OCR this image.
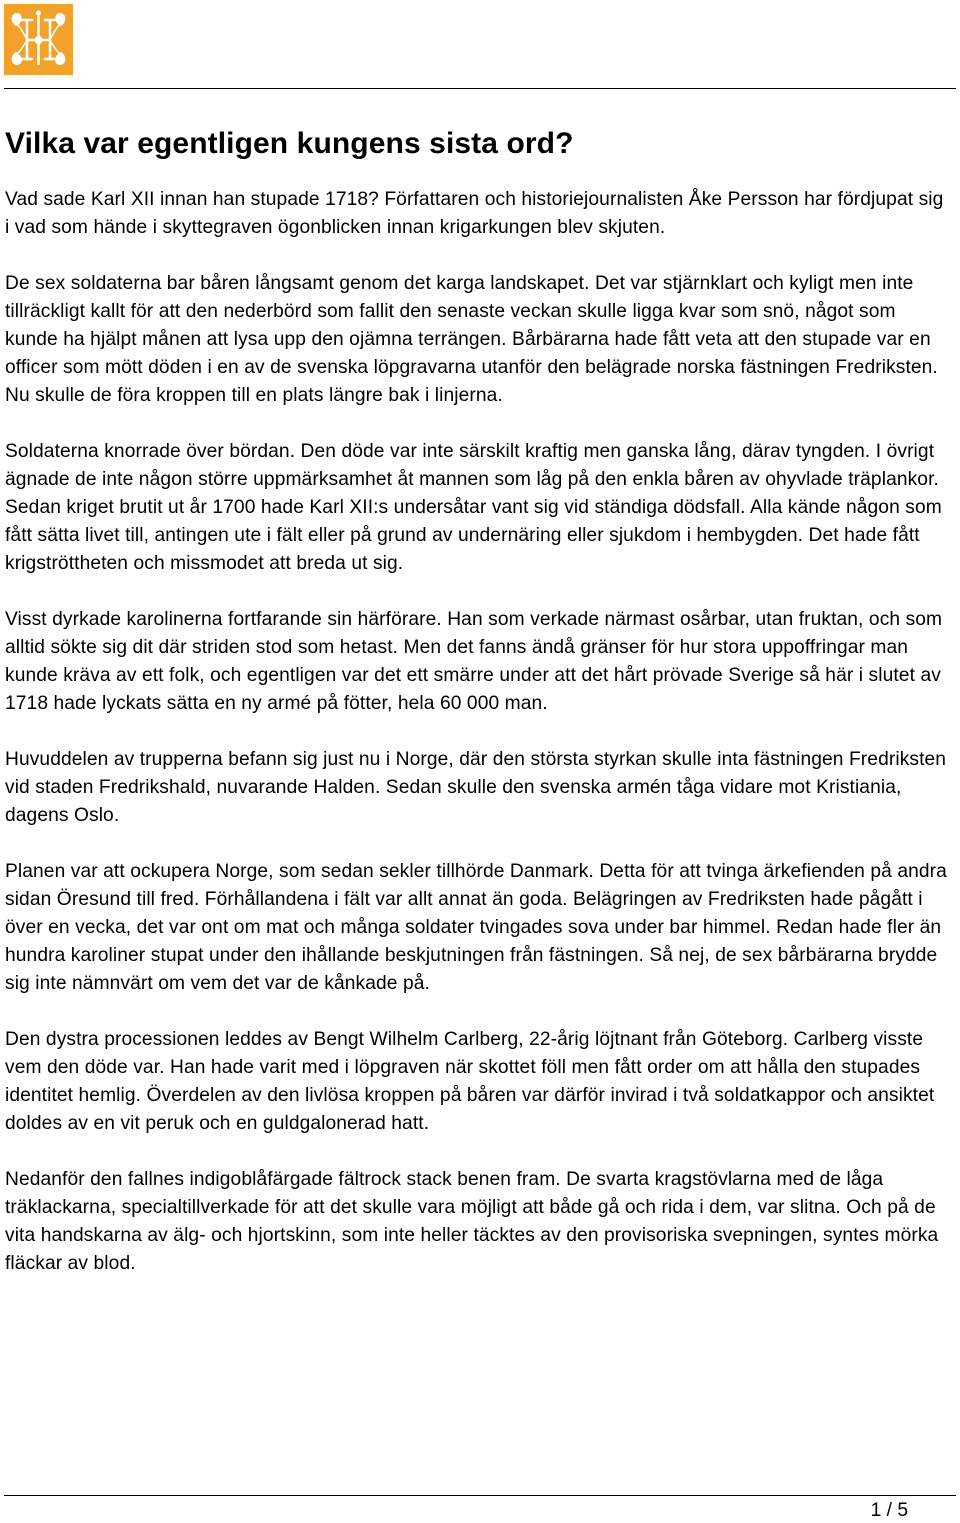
Vilka var egentligen kungens sista ord?

Vad sade Karl XII innan han stupade 1718? Författaren och historiejournalisten Åke Persson har fördjupat sig i vad som hände i skyttegraven ögonblicken innan krigarkungen blev skjuten.

De sex soldaterna bar båren långsamt genom det karga landskapet. Det var stjärnklart och kyligt men inte tillräckligt kallt för att den nederbörd som fallit den senaste veckan skulle ligga kvar som snö, något som kunde ha hjälpt månen att lysa upp den ojämna terrängen. Bårbärarna hade fått veta att den stupade var en officer som mött döden i en av de svenska löpgravarna utanför den belägrade norska fästningen Fredriksten. Nu skulle de föra kroppen till en plats längre bak i linjerna.

Soldaterna knorrade över bördan. Den döde var inte särskilt kraftig men ganska lång, därav tyngden. I övrigt ägnade de inte någon större uppmärksamhet åt mannen som låg på den enkla båren av ohyvlade träplankor. Sedan kriget brutit ut år 1700 hade Karl XII:s undersåtar vant sig vid ständiga dödsfall. Alla kände någon som fått sätta livet till, antingen ute i fält eller på grund av undernäring eller sjukdom i hembygden. Det hade fått krigströttheten och missmodet att breda ut sig.

Visst dyrkade karolinerna fortfarande sin härförare. Han som verkade närmast osårbar, utan fruktan, och som alltid sökte sig dit där striden stod som hetast. Men det fanns ändå gränser för hur stora uppoffringar man kunde kräva av ett folk, och egentligen var det ett smärre under att det hårt prövade Sverige så här i slutet av 1718 hade lyckats sätta en ny armé på fötter, hela 60 000 man.

Huvuddelen av trupperna befann sig just nu i Norge, där den största styrkan skulle inta fästningen Fredriksten vid staden Fredrikshald, nuvarande Halden. Sedan skulle den svenska armén tåga vidare mot Kristiania, dagens Oslo.

Planen var att ockupera Norge, som sedan sekler tillhörde Danmark. Detta för att tvinga ärkefienden på andra sidan Öresund till fred. Förhållandena i fält var allt annat än goda. Belägringen av Fredriksten hade pågått i över en vecka, det var ont om mat och många soldater tvingades sova under bar himmel. Redan hade fler än hundra karoliner stupat under den ihållande beskjutningen från fästningen. Så nej, de sex bårbärarna brydde sig inte nämnvärt om vem det var de kånkade på.

Den dystra processionen leddes av Bengt Wilhelm Carlberg, 22-årig löjtnant från Göteborg. Carlberg visste vem den döde var. Han hade varit med i löpgraven när skottet föll men fått order om att hålla den stupades identitet hemlig. Överdelen av den livlösa kroppen på båren var därför invirad i två soldatkappor och ansiktet doldes av en vit peruk och en guldgalonerad hatt.

Nedanför den fallnes indigoblåfärgade fältrock stack benen fram. De svarta kragstövlarna med de låga träklackarna, specialtillverkade för att det skulle vara möjligt att både gå och rida i dem, var slitna. Och på de vita handskarna av älg- och hjortskinn, som inte heller täcktes av den provisoriska svepningen, syntes mörka fläckar av blod.

1 / 5
